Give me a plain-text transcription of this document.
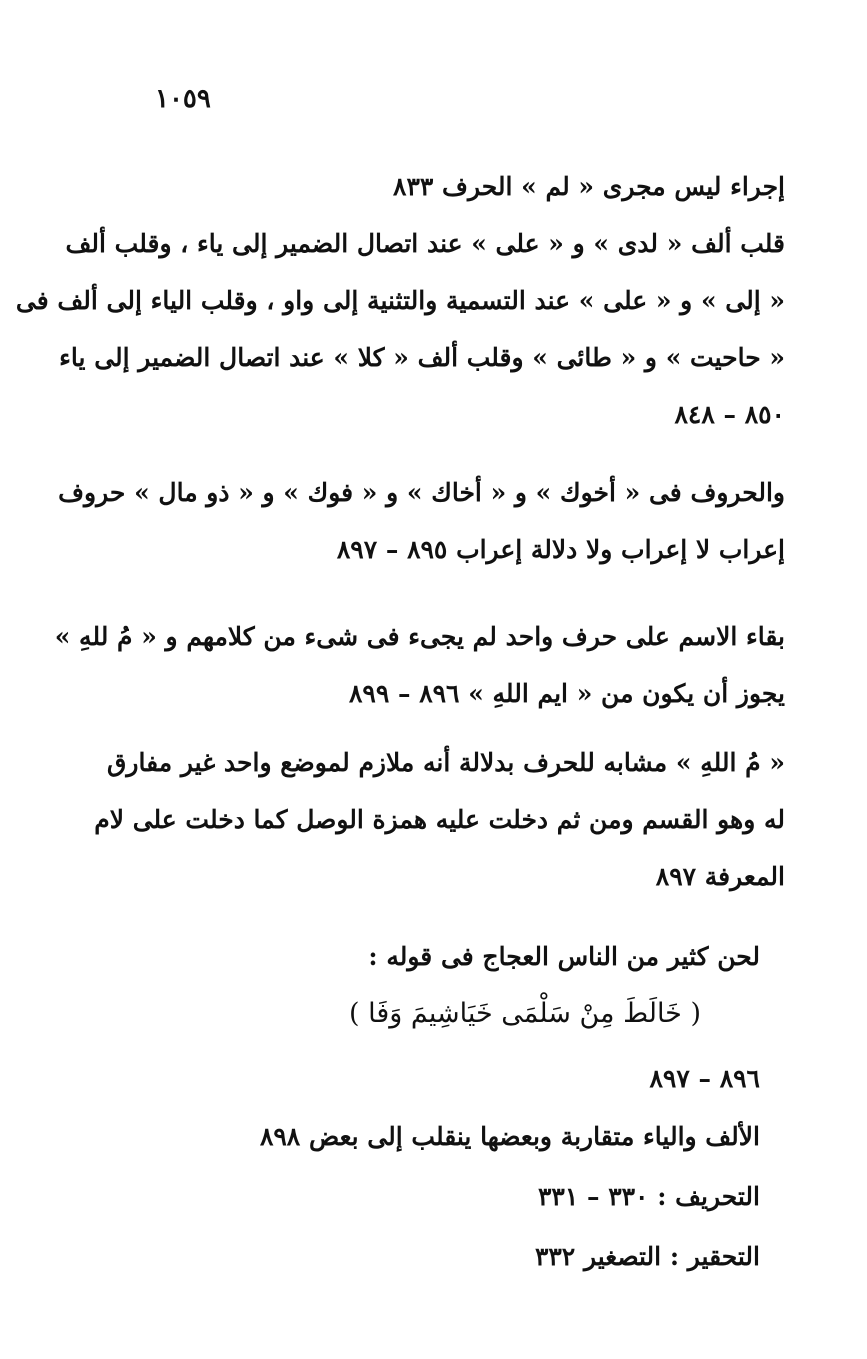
١٠٥٩
إجراء ليس مجرى « لم » الحرف ٨٣٣
قلب ألف « لدى » و « على » عند اتصال الضمير إلى ياء ، وقلب ألف
« إلى » و « على » عند التسمية والتثنية إلى واو ، وقلب الياء إلى ألف فى
« حاحيت » و « طائى » وقلب ألف « كلا » عند اتصال الضمير إلى ياء
٨٥٠ – ٨٤٨
والحروف فى « أخوك » و « أخاك » و « فوك » و « ذو مال » حروف
إعراب لا إعراب ولا دلالة إعراب ٨٩٥ – ٨٩٧
بقاء الاسم على حرف واحد لم يجىء فى شىء من كلامهم و « مُ للهِ »
يجوز أن يكون من « ايم اللهِ » ٨٩٦ – ٨٩٩
« مُ اللهِ » مشابه للحرف بدلالة أنه ملازم لموضع واحد غير مفارق
له وهو القسم ومن ثم دخلت عليه همزة الوصل كما دخلت على لام
المعرفة ٨٩٧
لحن كثير من الناس العجاج فى قوله :
( خَالَطَ مِنْ سَلْمَى خَيَاشِيمَ وَفَا )
٨٩٦ – ٨٩٧
الألف والياء متقاربة وبعضها ينقلب إلى بعض ٨٩٨
التحريف : ٣٣٠ – ٣٣١
التحقير : التصغير ٣٣٢
